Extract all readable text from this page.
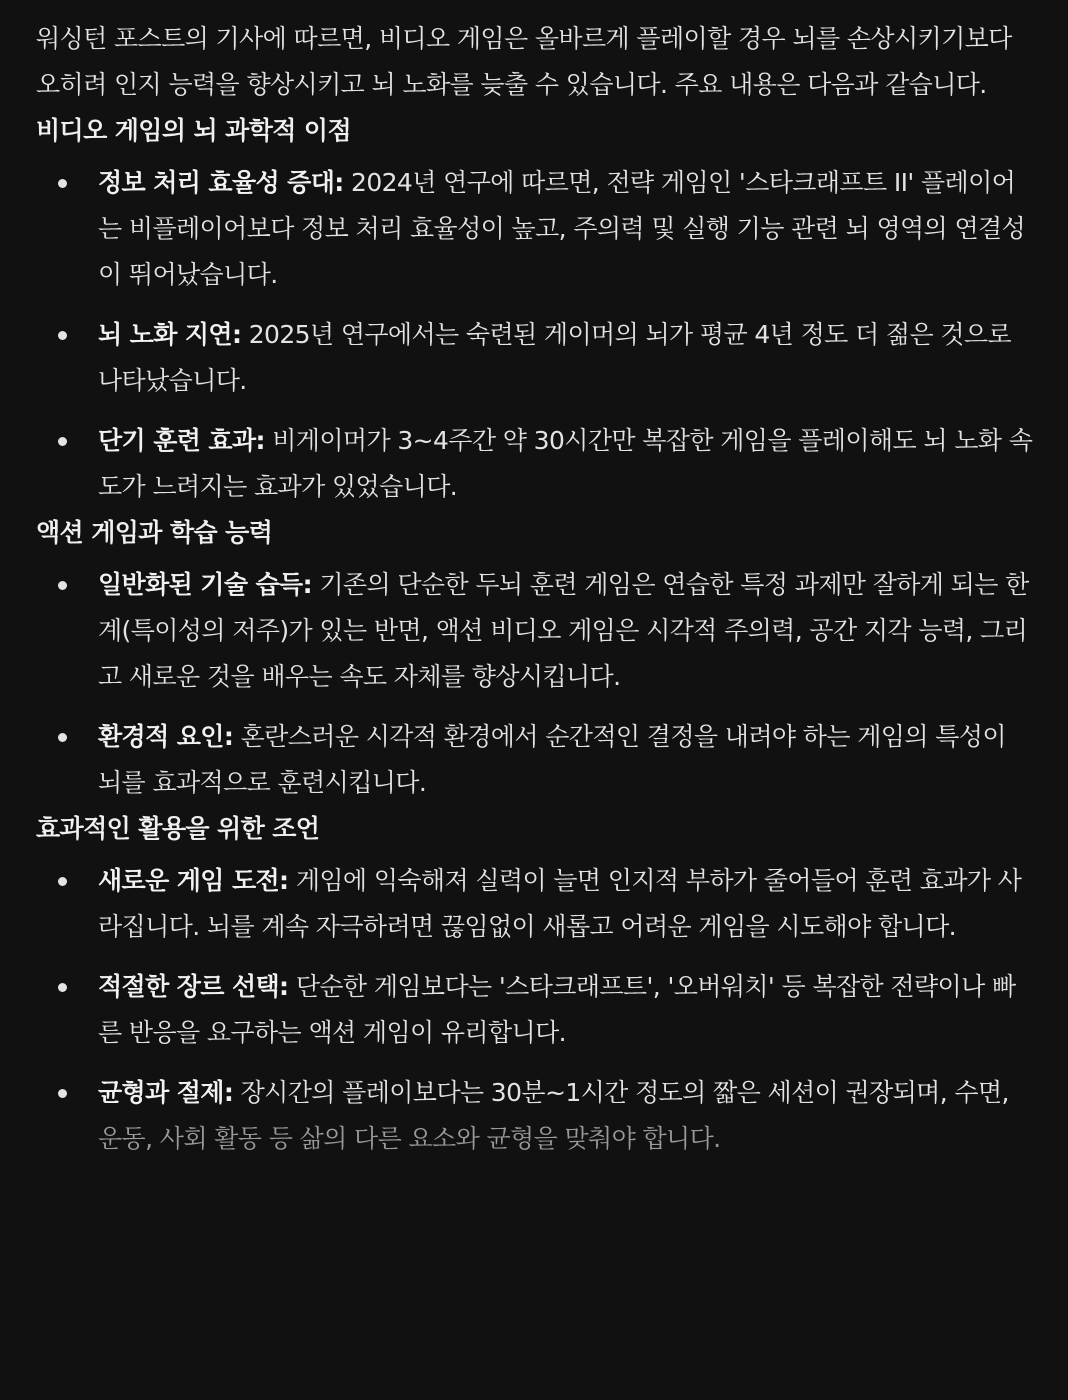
워싱턴 포스트의 기사에 따르면, 비디오 게임은 올바르게 플레이할 경우 뇌를 손상시키기보다 오히려 인지 능력을 향상시키고 뇌 노화를 늦출 수 있습니다. 주요 내용은 다음과 같습니다.

비디오 게임의 뇌 과학적 이점
정보 처리 효율성 증대: 2024년 연구에 따르면, 전략 게임인 '스타크래프트 II' 플레이어는 비플레이어보다 정보 처리 효율성이 높고, 주의력 및 실행 기능 관련 뇌 영역의 연결성이 뛰어났습니다.
뇌 노화 지연: 2025년 연구에서는 숙련된 게이머의 뇌가 평균 4년 정도 더 젊은 것으로 나타났습니다.
단기 훈련 효과: 비게이머가 3~4주간 약 30시간만 복잡한 게임을 플레이해도 뇌 노화 속도가 느려지는 효과가 있었습니다.
액션 게임과 학습 능력
일반화된 기술 습득: 기존의 단순한 두뇌 훈련 게임은 연습한 특정 과제만 잘하게 되는 한계(특이성의 저주)가 있는 반면, 액션 비디오 게임은 시각적 주의력, 공간 지각 능력, 그리고 새로운 것을 배우는 속도 자체를 향상시킵니다.
환경적 요인: 혼란스러운 시각적 환경에서 순간적인 결정을 내려야 하는 게임의 특성이 뇌를 효과적으로 훈련시킵니다.
효과적인 활용을 위한 조언
새로운 게임 도전: 게임에 익숙해져 실력이 늘면 인지적 부하가 줄어들어 훈련 효과가 사라집니다. 뇌를 계속 자극하려면 끊임없이 새롭고 어려운 게임을 시도해야 합니다.
적절한 장르 선택: 단순한 게임보다는 '스타크래프트', '오버워치' 등 복잡한 전략이나 빠른 반응을 요구하는 액션 게임이 유리합니다.
균형과 절제: 장시간의 플레이보다는 30분~1시간 정도의 짧은 세션이 권장되며, 수면, 운동, 사회 활동 등 삶의 다른 요소와 균형을 맞춰야 합니다.
